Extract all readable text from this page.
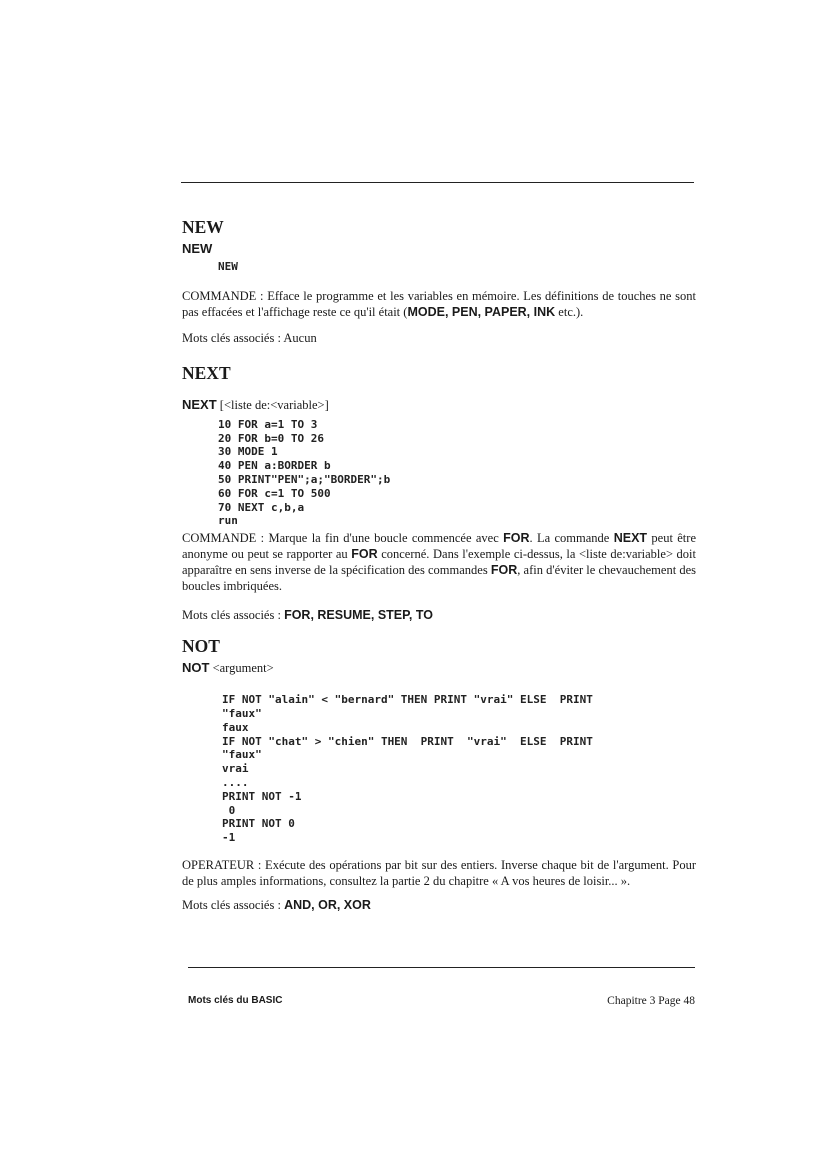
NEW

NEW

NEW

COMMANDE : Efface le programme et les variables en mémoire. Les définitions de touches ne sont pas effacées et l'affichage reste ce qu'il était (MODE, PEN, PAPER, INK etc.).

Mots clés associés : Aucun

NEXT

NEXT [<liste de:<variable>]

10 FOR a=1 TO 3
20 FOR b=0 TO 26
30 MODE 1
40 PEN a:BORDER b
50 PRINT"PEN";a;"BORDER";b
60 FOR c=1 TO 500
70 NEXT c,b,a
run

COMMANDE : Marque la fin d'une boucle commencée avec FOR. La commande NEXT peut être anonyme ou peut se rapporter au FOR concerné. Dans l'exemple ci-dessus, la <liste de:variable> doit apparaître en sens inverse de la spécification des commandes FOR, afin d'éviter le chevauchement des boucles imbriquées.

Mots clés associés : FOR, RESUME, STEP, TO

NOT

NOT <argument>

IF NOT "alain" < "bernard" THEN PRINT "vrai" ELSE  PRINT
"faux"
faux
IF NOT "chat" > "chien" THEN  PRINT  "vrai"  ELSE  PRINT
"faux"
vrai
....
PRINT NOT -1
0
PRINT NOT 0
-1

OPERATEUR : Exécute des opérations par bit sur des entiers. Inverse chaque bit de l'argument. Pour de plus amples informations, consultez la partie 2 du chapitre « A vos heures de loisir... ».

Mots clés associés : AND, OR, XOR

Mots clés du BASIC	Chapitre 3 Page 48
